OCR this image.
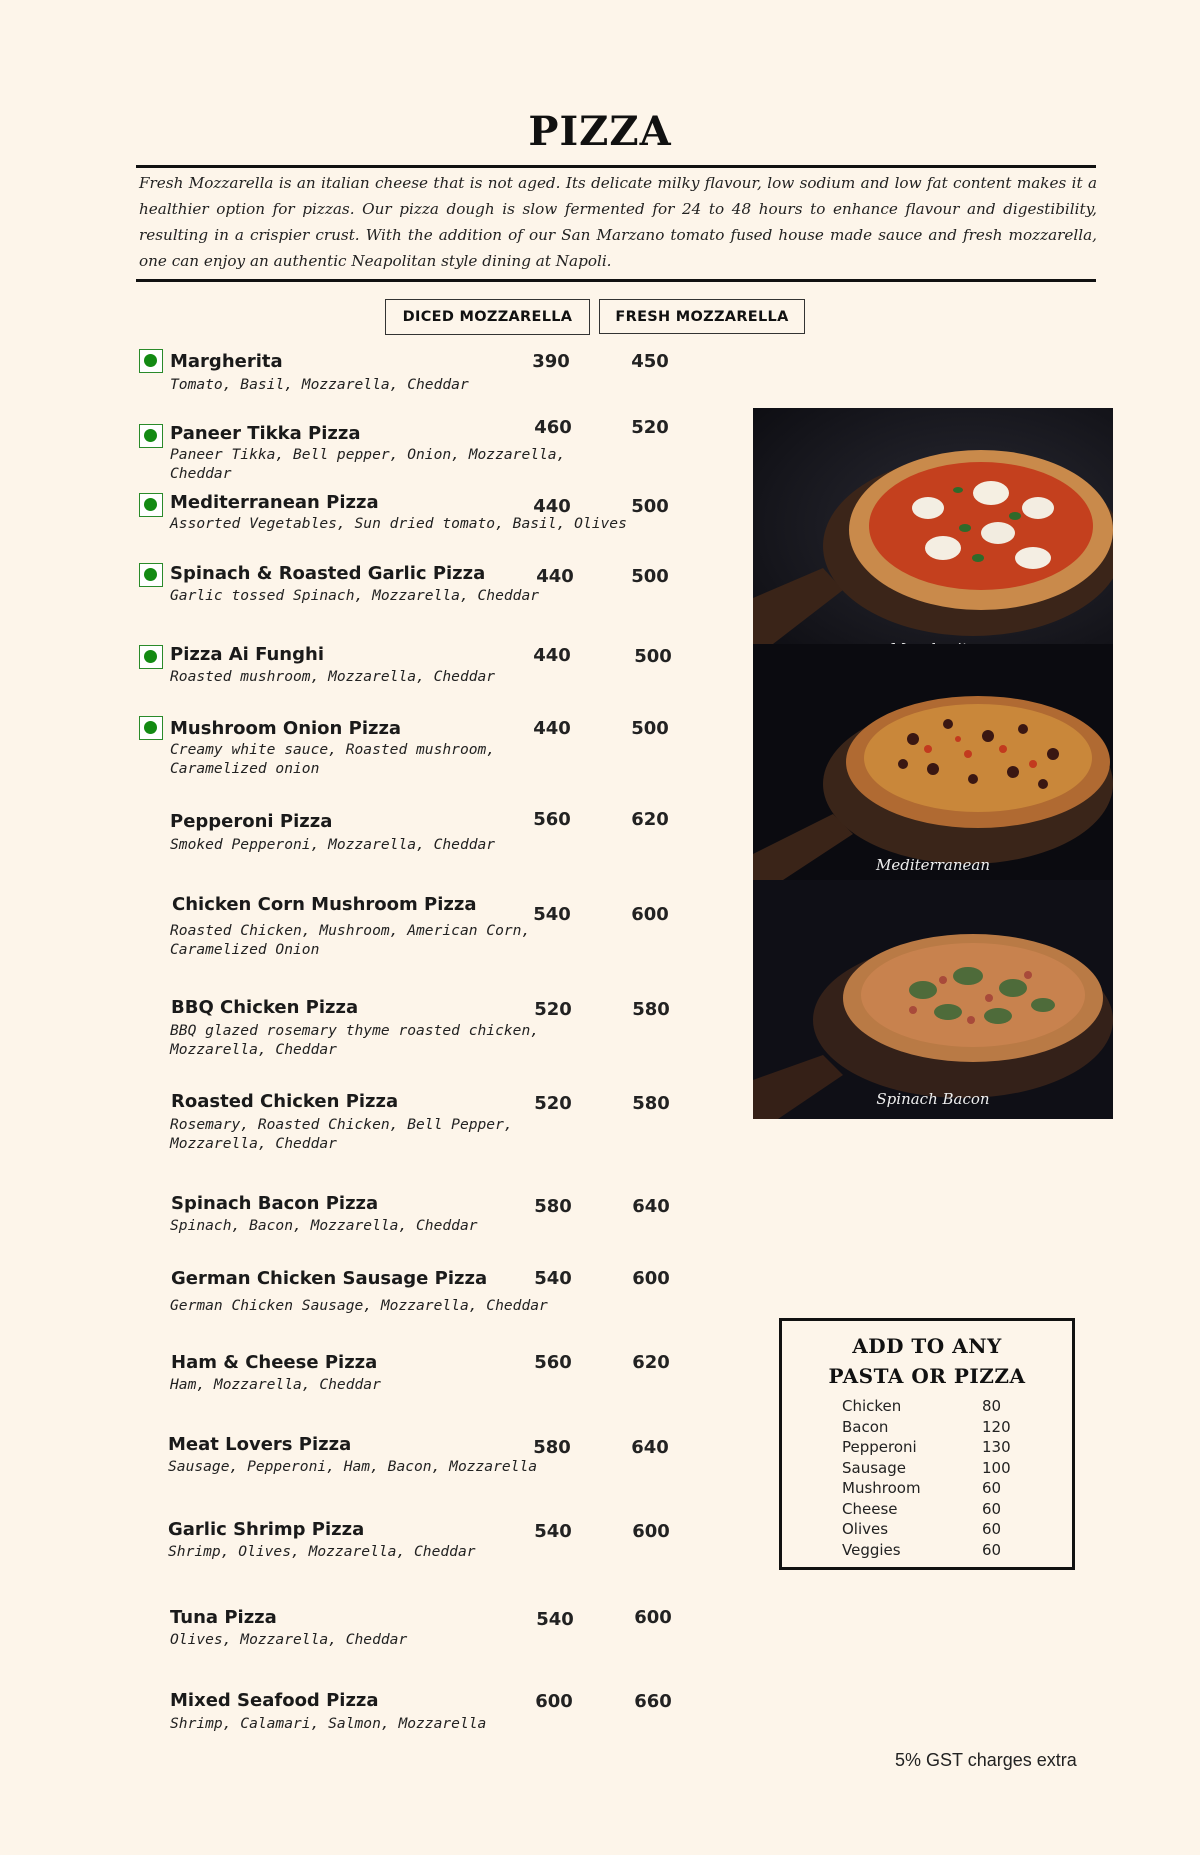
PIZZA

Fresh Mozzarella is an italian cheese that is not aged. Its delicate milky flavour, low sodium and low fat content makes it a healthier option for pizzas. Our pizza dough is slow fermented for 24 to 48 hours to enhance flavour and digestibility, resulting in a crispier crust. With the addition of our San Marzano tomato fused house made sauce and fresh mozzarella, one can enjoy an authentic Neapolitan style dining at Napoli.

DICED MOZZARELLA	FRESH MOZZARELLA
Margherita
Tomato, Basil, Mozzarella, Cheddar
390	450
Paneer Tikka Pizza
Paneer Tikka, Bell pepper, Onion, Mozzarella, Cheddar
460	520
Mediterranean Pizza
Assorted Vegetables, Sun dried tomato, Basil, Olives
440	500
Spinach & Roasted Garlic Pizza
Garlic tossed Spinach, Mozzarella, Cheddar
440	500
Pizza Ai Funghi
Roasted mushroom, Mozzarella, Cheddar
440	500
Mushroom Onion Pizza
Creamy white sauce, Roasted mushroom, Caramelized onion
440	500
Pepperoni Pizza
Smoked Pepperoni, Mozzarella, Cheddar
560	620
Chicken Corn Mushroom Pizza
Roasted Chicken, Mushroom, American Corn, Caramelized Onion
540	600
BBQ Chicken Pizza
BBQ glazed rosemary thyme roasted chicken, Mozzarella, Cheddar
520	580
Roasted Chicken Pizza
Rosemary, Roasted Chicken, Bell Pepper, Mozzarella, Cheddar
520	580
Spinach Bacon Pizza
Spinach, Bacon, Mozzarella, Cheddar
580	640
German Chicken Sausage Pizza
German Chicken Sausage, Mozzarella, Cheddar
540	600
Ham & Cheese Pizza
Ham, Mozzarella, Cheddar
560	620
Meat Lovers Pizza
Sausage, Pepperoni, Ham, Bacon, Mozzarella
580	640
Garlic Shrimp Pizza
Shrimp, Olives, Mozzarella, Cheddar
540	600
Tuna Pizza
Olives, Mozzarella, Cheddar
540	600
Mixed Seafood Pizza
Shrimp, Calamari, Salmon, Mozzarella
600	660
Mediterranean
Spinach Bacon
ADD TO ANY
PASTA OR PIZZA
Chicken	80
Bacon	120
Pepperoni	130
Sausage	100
Mushroom	60
Cheese	60
Olives	60
Veggies	60
5% GST charges extra
